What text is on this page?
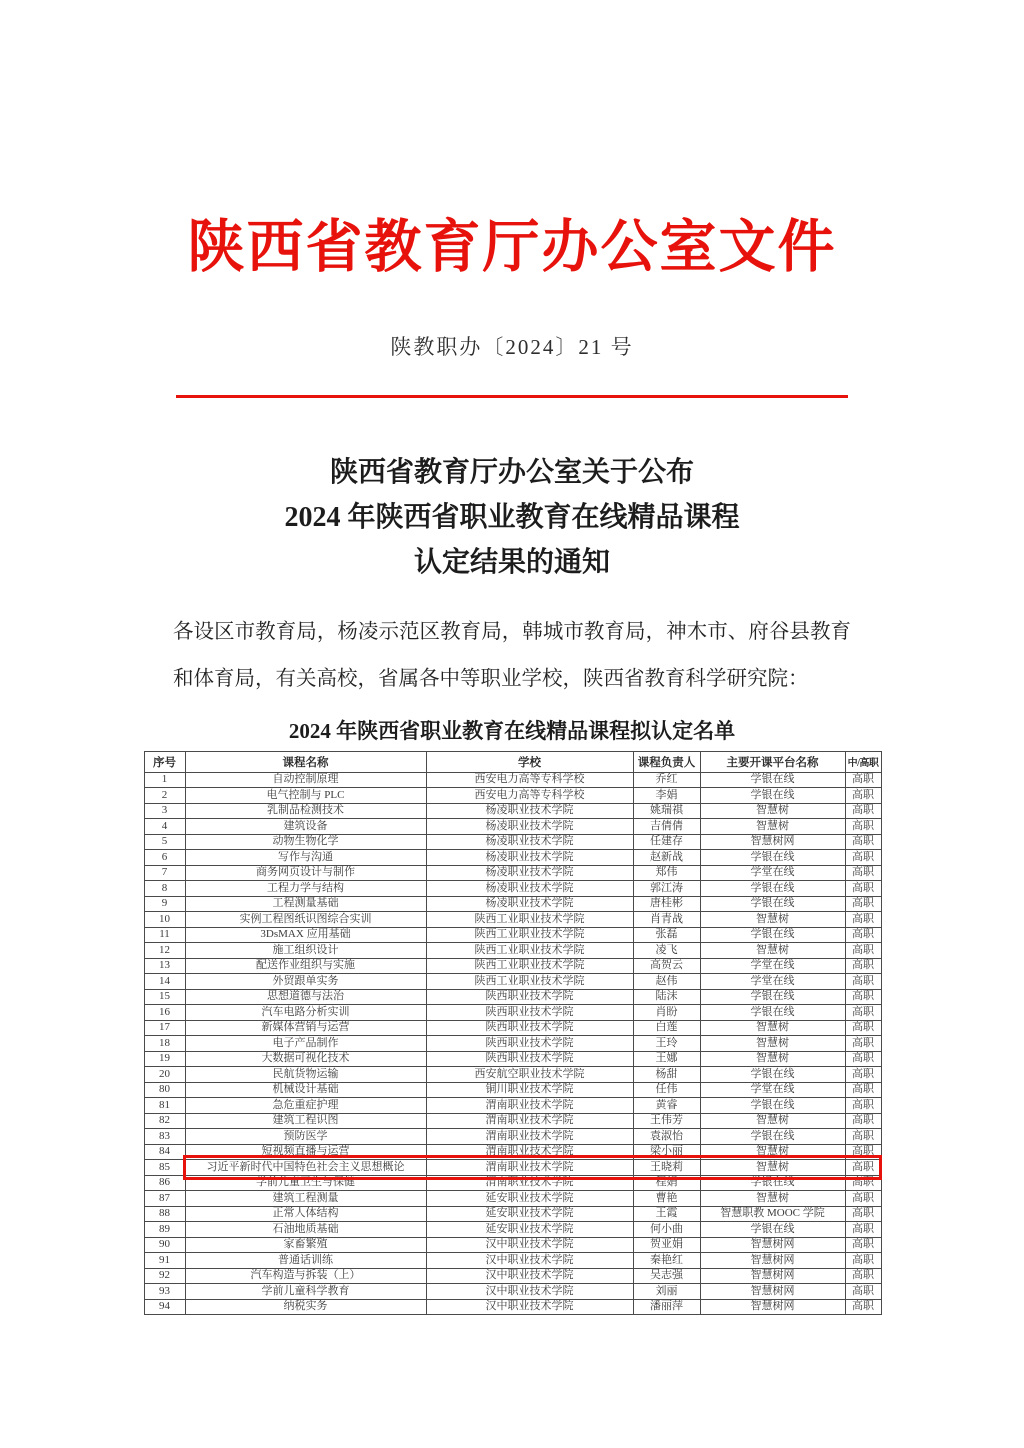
陕西省教育厅办公室文件
陕教职办〔2024〕21 号
陕西省教育厅办公室关于公布
2024 年陕西省职业教育在线精品课程
认定结果的通知
各设区市教育局，杨凌示范区教育局，韩城市教育局，神木市、府谷县教育和体育局，有关高校，省属各中等职业学校，陕西省教育科学研究院：
2024 年陕西省职业教育在线精品课程拟认定名单
序号	课程名称	学校	课程负责人	主要开课平台名称	中/高职
1	自动控制原理	西安电力高等专科学校	乔红	学银在线	高职
2	电气控制与 PLC	西安电力高等专科学校	李娟	学银在线	高职
3	乳制品检测技术	杨凌职业技术学院	姚瑞祺	智慧树	高职
4	建筑设备	杨凌职业技术学院	吉倩倩	智慧树	高职
5	动物生物化学	杨凌职业技术学院	任建存	智慧树网	高职
6	写作与沟通	杨凌职业技术学院	赵新战	学银在线	高职
7	商务网页设计与制作	杨凌职业技术学院	郑伟	学堂在线	高职
8	工程力学与结构	杨凌职业技术学院	郭江涛	学银在线	高职
9	工程测量基础	杨凌职业技术学院	唐桂彬	学银在线	高职
10	实例工程图纸识图综合实训	陕西工业职业技术学院	肖青战	智慧树	高职
11	3DsMAX 应用基础	陕西工业职业技术学院	张磊	学银在线	高职
12	施工组织设计	陕西工业职业技术学院	凌飞	智慧树	高职
13	配送作业组织与实施	陕西工业职业技术学院	高贺云	学堂在线	高职
14	外贸跟单实务	陕西工业职业技术学院	赵伟	学堂在线	高职
15	思想道德与法治	陕西职业技术学院	陆沫	学银在线	高职
16	汽车电路分析实训	陕西职业技术学院	肖盼	学银在线	高职
17	新媒体营销与运营	陕西职业技术学院	白莲	智慧树	高职
18	电子产品制作	陕西职业技术学院	王玲	智慧树	高职
19	大数据可视化技术	陕西职业技术学院	王娜	智慧树	高职
20	民航货物运输	西安航空职业技术学院	杨甜	学银在线	高职
80	机械设计基础	铜川职业技术学院	任伟	学堂在线	高职
81	急危重症护理	渭南职业技术学院	黄睿	学银在线	高职
82	建筑工程识图	渭南职业技术学院	王伟芳	智慧树	高职
83	预防医学	渭南职业技术学院	袁淑怡	学银在线	高职
84	短视频直播与运营	渭南职业技术学院	梁小丽	智慧树	高职
85	习近平新时代中国特色社会主义思想概论	渭南职业技术学院	王晓莉	智慧树	高职
86	学前儿童卫生与保健	渭南职业技术学院	程娟	学银在线	高职
87	建筑工程测量	延安职业技术学院	曹艳	智慧树	高职
88	正常人体结构	延安职业技术学院	王霞	智慧职教 MOOC 学院	高职
89	石油地质基础	延安职业技术学院	何小曲	学银在线	高职
90	家畜繁殖	汉中职业技术学院	贺亚娟	智慧树网	高职
91	普通话训练	汉中职业技术学院	秦艳红	智慧树网	高职
92	汽车构造与拆装（上）	汉中职业技术学院	吴志强	智慧树网	高职
93	学前儿童科学教育	汉中职业技术学院	刘丽	智慧树网	高职
94	纳税实务	汉中职业技术学院	潘丽萍	智慧树网	高职
